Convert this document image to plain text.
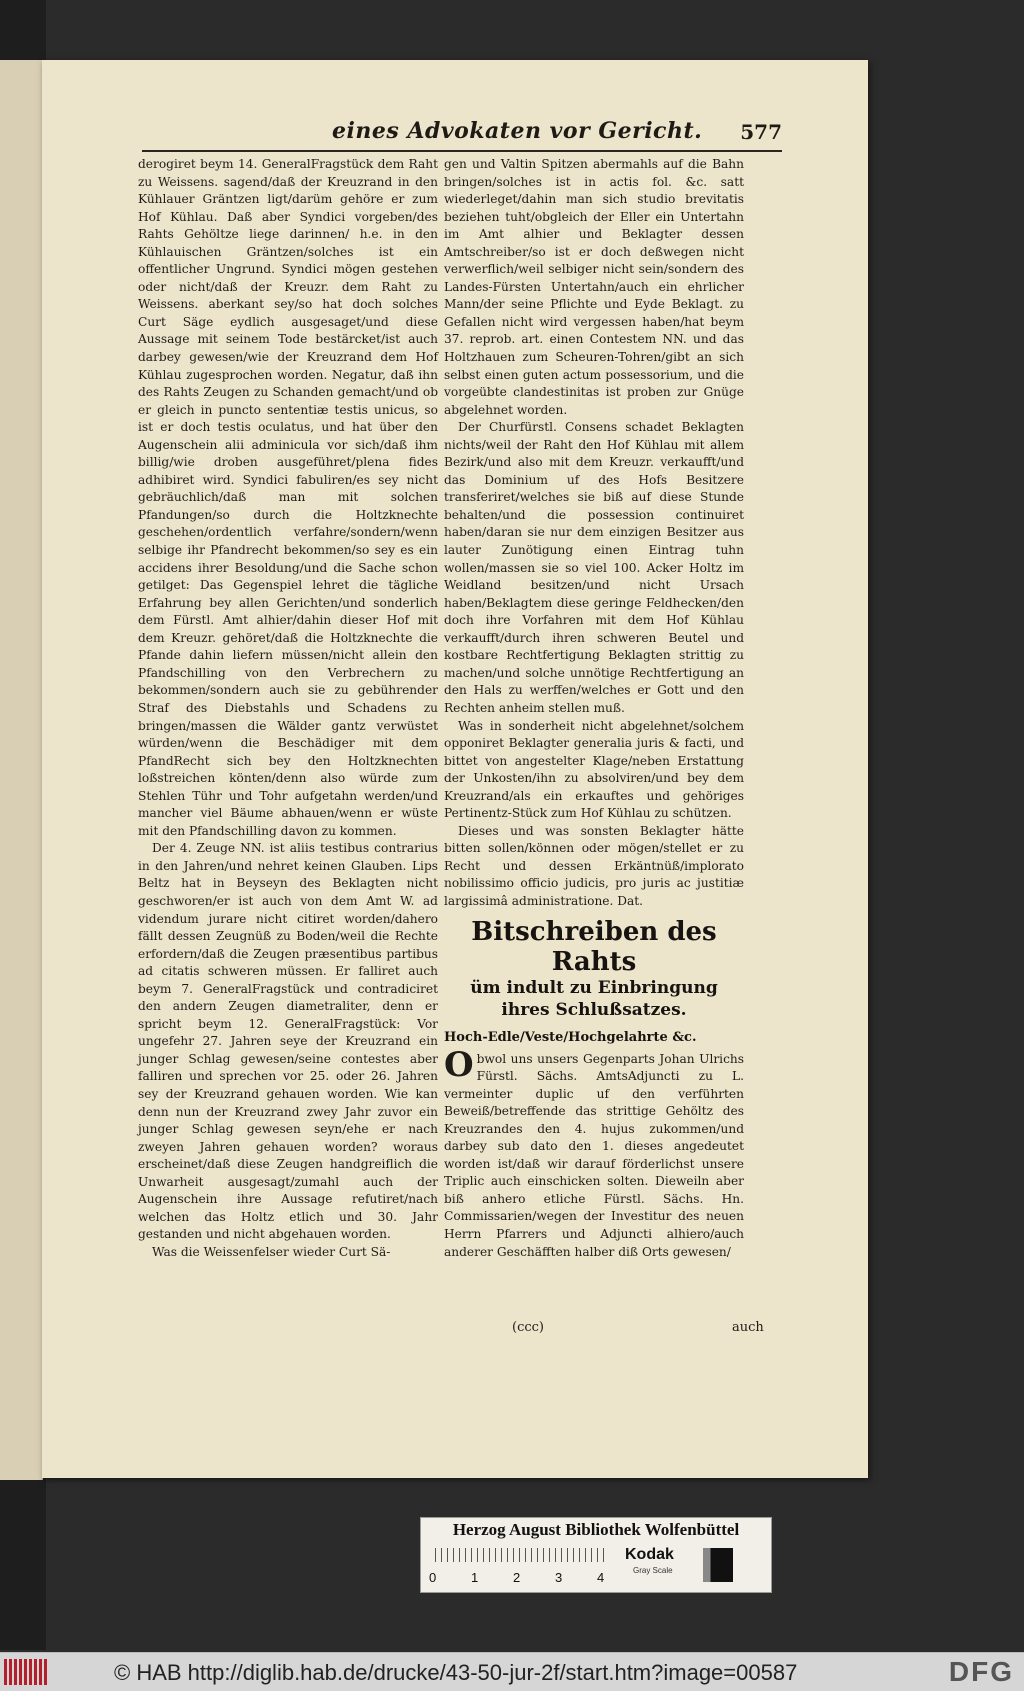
eines Advokaten vor Gericht. 577

derogiret beym 14. GeneralFragstück dem Raht zu Weissens. sagend/daß der Kreuzrand in den Kühlauer Gräntzen ligt/darüm gehöre er zum Hof Kühlau. Daß aber Syndici vorgeben/des Rahts Gehöltze liege darinnen/ h.e. in den Kühlauischen Gräntzen/solches ist ein offentlicher Ungrund. Syndici mögen gestehen oder nicht/daß der Kreuzr. dem Raht zu Weissens. aberkant sey/so hat doch solches Curt Säge eydlich ausgesaget/und diese Aussage mit seinem Tode bestärcket/ist auch darbey gewesen/wie der Kreuzrand dem Hof Kühlau zugesprochen worden. Negatur, daß ihn des Rahts Zeugen zu Schanden gemacht/und ob er gleich in puncto sententiæ testis unicus, so ist er doch testis oculatus, und hat über den Augenschein alii adminicula vor sich/daß ihm billig/wie droben ausgeführet/plena fides adhibiret wird. Syndici fabuliren/es sey nicht gebräuchlich/daß man mit solchen Pfandungen/so durch die Holtzknechte geschehen/ordentlich verfahre/sondern/wenn selbige ihr Pfandrecht bekommen/so sey es ein accidens ihrer Besoldung/und die Sache schon getilget: Das Gegenspiel lehret die tägliche Erfahrung bey allen Gerichten/und sonderlich dem Fürstl. Amt alhier/dahin dieser Hof mit dem Kreuzr. gehöret/daß die Holtzknechte die Pfande dahin liefern müssen/nicht allein den Pfandschilling von den Verbrechern zu bekommen/sondern auch sie zu gebührender Straf des Diebstahls und Schadens zu bringen/massen die Wälder gantz verwüstet würden/wenn die Beschädiger mit dem PfandRecht sich bey den Holtzknechten loßstreichen könten/denn also würde zum Stehlen Tühr und Tohr aufgetahn werden/und mancher viel Bäume abhauen/wenn er wüste mit den Pfandschilling davon zu kommen.

Der 4. Zeuge NN. ist aliis testibus contrarius in den Jahren/und nehret keinen Glauben. Lips Beltz hat in Beyseyn des Beklagten nicht geschworen/er ist auch von dem Amt W. ad videndum jurare nicht citiret worden/dahero fällt dessen Zeugnüß zu Boden/weil die Rechte erfordern/daß die Zeugen præsentibus partibus ad citatis schweren müssen. Er falliret auch beym 7. GeneralFragstück und contradiciret den andern Zeugen diametraliter, denn er spricht beym 12. GeneralFragstück: Vor ungefehr 27. Jahren seye der Kreuzrand ein junger Schlag gewesen/seine contestes aber falliren und sprechen vor 25. oder 26. Jahren sey der Kreuzrand gehauen worden. Wie kan denn nun der Kreuzrand zwey Jahr zuvor ein junger Schlag gewesen seyn/ehe er nach zweyen Jahren gehauen worden? woraus erscheinet/daß diese Zeugen handgreiflich die Unwarheit ausgesagt/zumahl auch der Augenschein ihre Aussage refutiret/nach welchen das Holtz etlich und 30. Jahr gestanden und nicht abgehauen worden.

Was die Weissenfelser wieder Curt Sä-

gen und Valtin Spitzen abermahls auf die Bahn bringen/solches ist in actis fol. &c. satt wiederleget/dahin man sich studio brevitatis beziehen tuht/obgleich der Eller ein Untertahn im Amt alhier und Beklagter dessen Amtschreiber/so ist er doch deßwegen nicht verwerflich/weil selbiger nicht sein/sondern des Landes-Fürsten Untertahn/auch ein ehrlicher Mann/der seine Pflichte und Eyde Beklagt. zu Gefallen nicht wird vergessen haben/hat beym 37. reprob. art. einen Contestem NN. und das Holtzhauen zum Scheuren-Tohren/gibt an sich selbst einen guten actum possessorium, und die vorgeübte clandestinitas ist proben zur Gnüge abgelehnet worden.

Der Churfürstl. Consens schadet Beklagten nichts/weil der Raht den Hof Kühlau mit allem Bezirk/und also mit dem Kreuzr. verkaufft/und das Dominium uf des Hofs Besitzere transferiret/welches sie biß auf diese Stunde behalten/und die possession continuiret haben/daran sie nur dem einzigen Besitzer aus lauter Zunötigung einen Eintrag tuhn wollen/massen sie so viel 100. Acker Holtz im Weidland besitzen/und nicht Ursach haben/Beklagtem diese geringe Feldhecken/den doch ihre Vorfahren mit dem Hof Kühlau verkaufft/durch ihren schweren Beutel und kostbare Rechtfertigung Beklagten strittig zu machen/und solche unnötige Rechtfertigung an den Hals zu werffen/welches er Gott und den Rechten anheim stellen muß.

Was in sonderheit nicht abgelehnet/solchem opponiret Beklagter generalia juris & facti, und bittet von angestelter Klage/neben Erstattung der Unkosten/ihn zu absolviren/und bey dem Kreuzrand/als ein erkauftes und gehöriges Pertinentz-Stück zum Hof Kühlau zu schützen.

Dieses und was sonsten Beklagter hätte bitten sollen/können oder mögen/stellet er zu Recht und dessen Erkäntnüß/implorato nobilissimo officio judicis, pro juris ac justitiæ largissimâ administratione. Dat.

Bitschreiben des Rahts

üm indult zu Einbringung ihres Schlußsatzes.

Hoch-Edle/Veste/Hochgelahrte &c.

Obwol uns unsers Gegenparts Johan Ulrichs Fürstl. Sächs. AmtsAdjuncti zu L. vermeinter duplic uf den verführten Beweiß/betreffende das strittige Gehöltz des Kreuzrandes den 4. hujus zukommen/und darbey sub dato den 1. dieses angedeutet worden ist/daß wir darauf förderlichst unsere Triplic auch einschicken solten. Dieweiln aber biß anhero etliche Fürstl. Sächs. Hn. Commissarien/wegen der Investitur des neuen Herrn Pfarrers und Adjuncti alhiero/auch anderer Geschäfften halber diß Orts gewesen/

(ccc)	auch
Herzog August Bibliothek Wolfenbüttel
0	1	2	3	4
Kodak
Gray Scale
© HAB http://diglib.hab.de/drucke/43-50-jur-2f/start.htm?image=00587	DFG
